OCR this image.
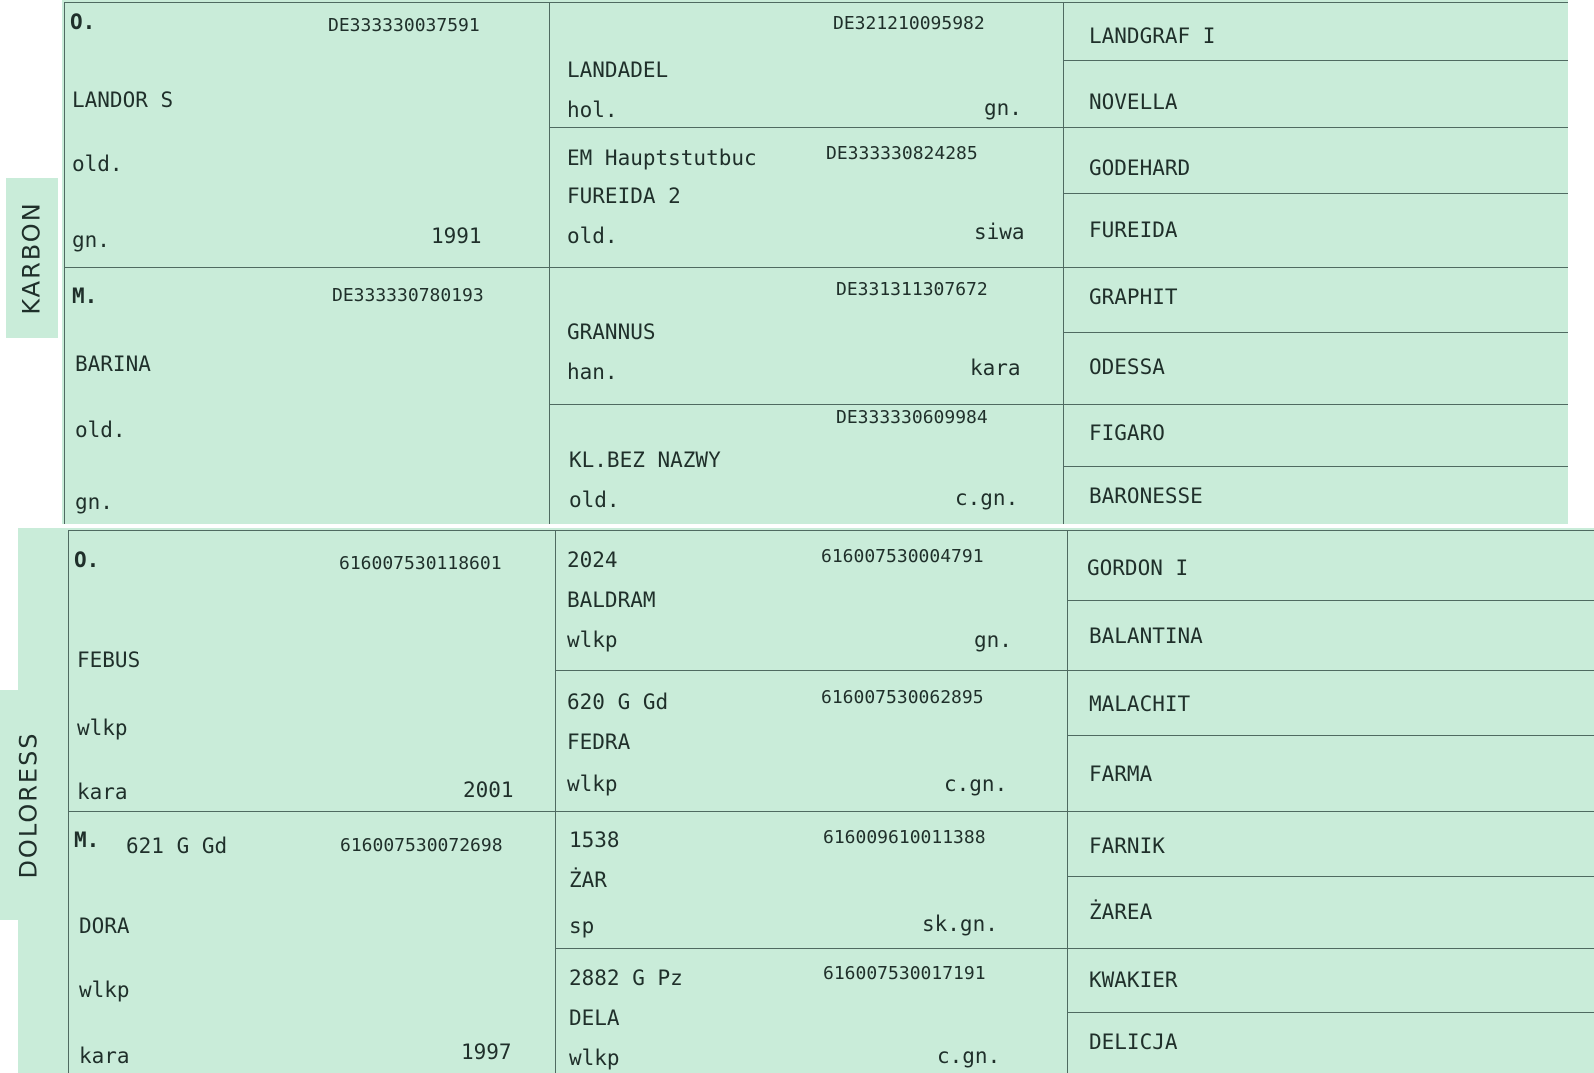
KARBON
O.	DE333330037591
LANDOR S
old.
gn.	1991
DE321210095982
LANDADEL
hol.	gn.
EM Hauptstutbuc	DE333330824285
FUREIDA 2
old.	siwa
LANDGRAF I
NOVELLA
GODEHARD
FUREIDA
M.	DE333330780193
BARINA
old.
gn.
DE331311307672
GRANNUS
han.	kara
DE333330609984
KL.BEZ NAZWY
old.	c.gn.
GRAPHIT
ODESSA
FIGARO
BARONESSE
DOLORESS
O.	616007530118601
FEBUS
wlkp
kara	2001
2024	616007530004791
BALDRAM
wlkp	gn.
620 G Gd	616007530062895
FEDRA
wlkp	c.gn.
GORDON I
BALANTINA
MALACHIT
FARMA
M. 621 G Gd	616007530072698
DORA
wlkp
kara	1997
1538	616009610011388
ŻAR
sp	sk.gn.
2882 G Pz	616007530017191
DELA
wlkp	c.gn.
FARNIK
ŻAREA
KWAKIER
DELICJA
